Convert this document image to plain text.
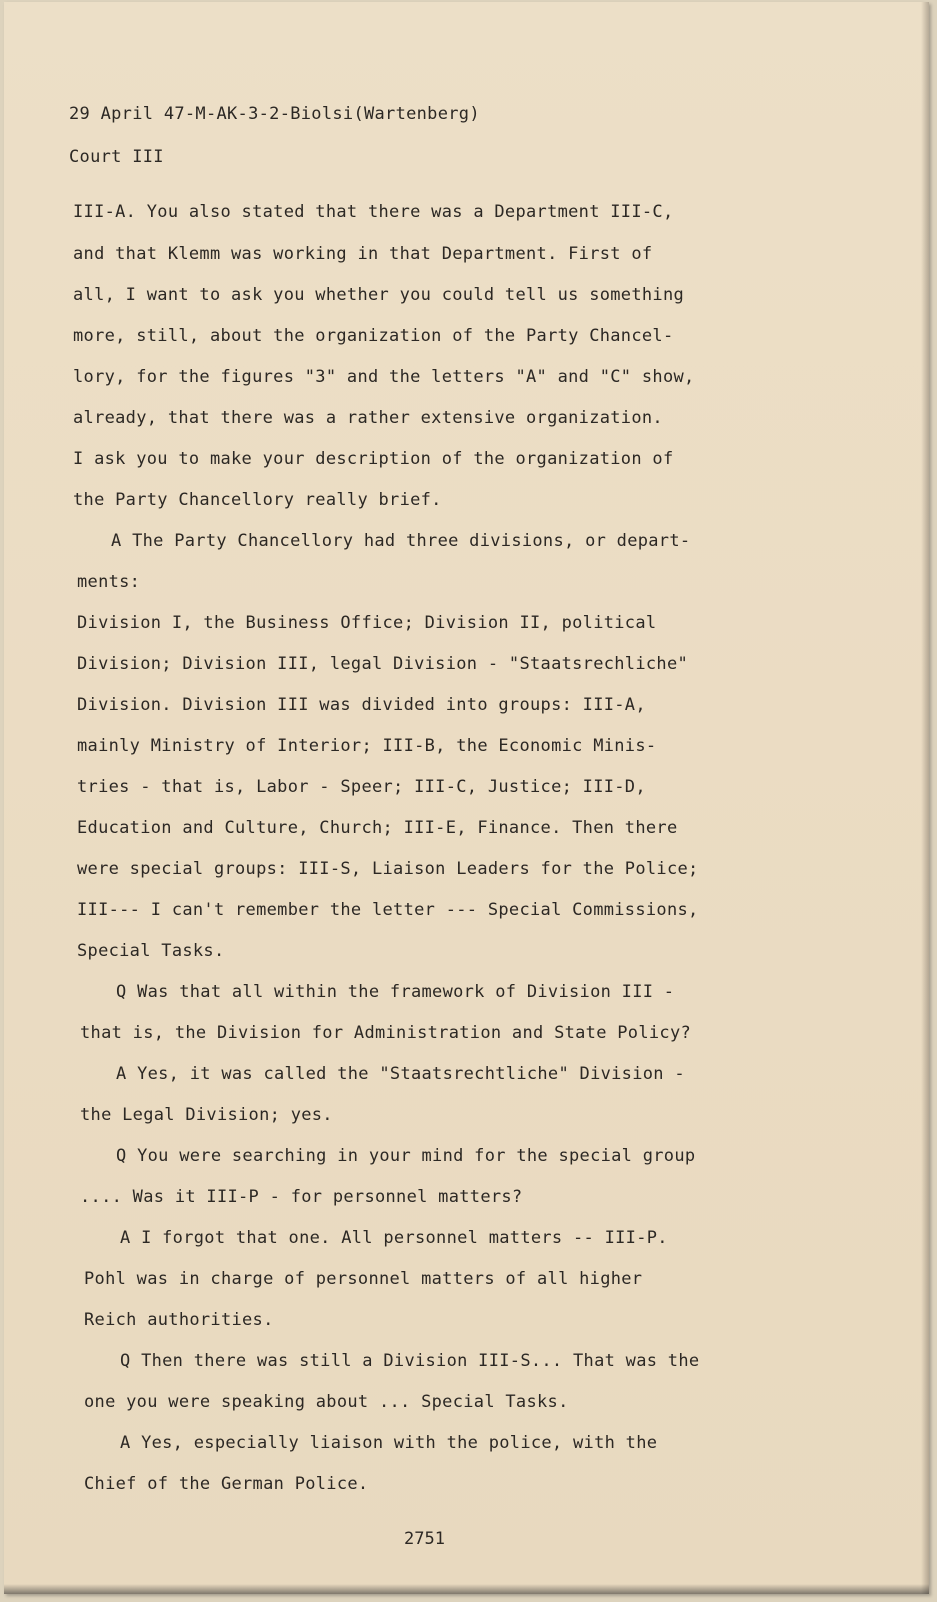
29 April 47-M-AK-3-2-Biolsi(Wartenberg)

Court III

III-A. You also stated that there was a Department III-C,

and that Klemm was working in that Department. First of

all, I want to ask you whether you could tell us something

more, still, about the organization of the Party Chancel-

lory, for the figures "3" and the letters "A" and "C" show,

already, that there was a rather extensive organization.

I ask you to make your description of the organization of

the Party Chancellory really brief.

A The Party Chancellory had three divisions, or depart-

ments:

Division I, the Business Office; Division II, political

Division; Division III, legal Division - "Staatsrechliche"

Division. Division III was divided into groups: III-A,

mainly Ministry of Interior; III-B, the Economic Minis-

tries - that is, Labor - Speer; III-C, Justice; III-D,

Education and Culture, Church; III-E, Finance. Then there

were special groups: III-S, Liaison Leaders for the Police;

III--- I can't remember the letter --- Special Commissions,

Special Tasks.

Q Was that all within the framework of Division III -

that is, the Division for Administration and State Policy?

A Yes, it was called the "Staatsrechtliche" Division -

the Legal Division; yes.

Q You were searching in your mind for the special group

.... Was it III-P - for personnel matters?

A I forgot that one. All personnel matters -- III-P.

Pohl was in charge of personnel matters of all higher

Reich authorities.

Q Then there was still a Division III-S... That was the

one you were speaking about ... Special Tasks.

A Yes, especially liaison with the police, with the

Chief of the German Police.

2751
